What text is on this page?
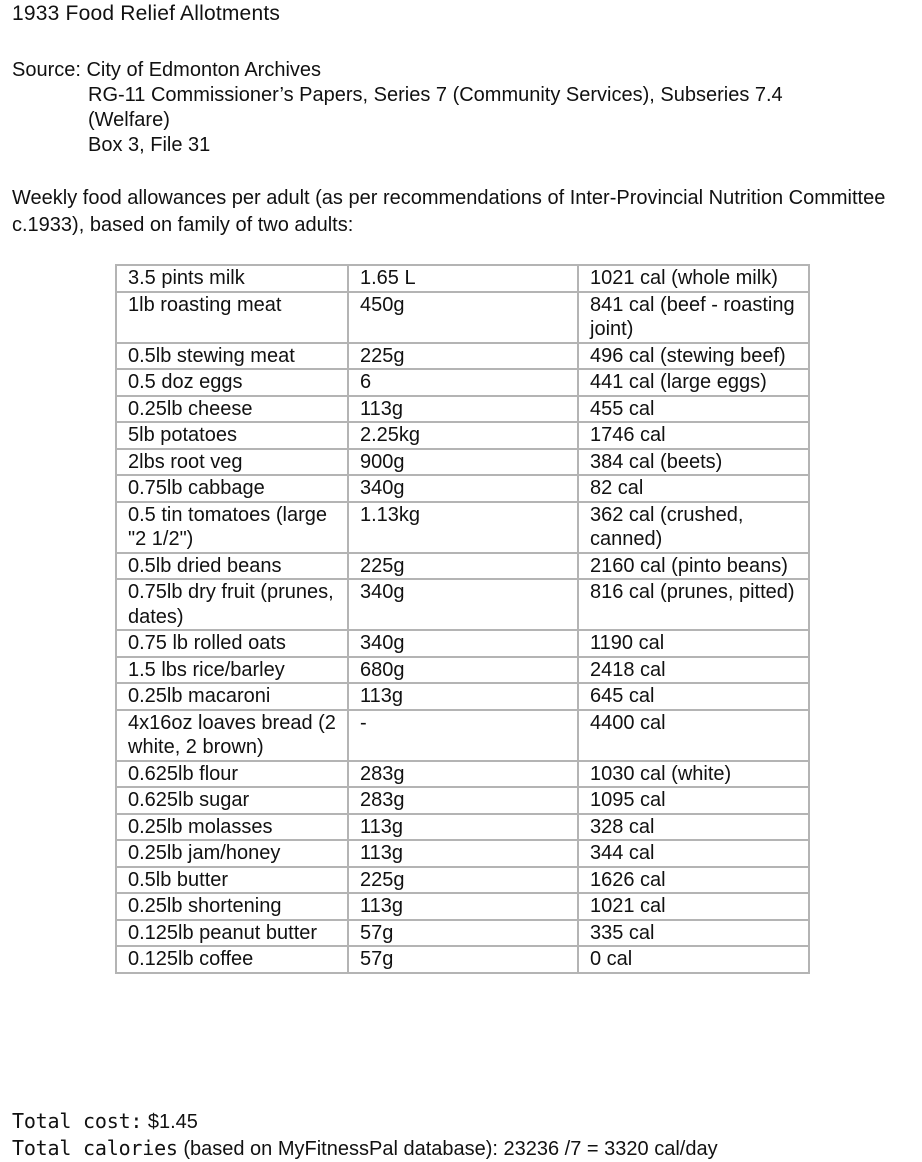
1933 Food Relief Allotments
Source: City of Edmonton Archives
RG-11 Commissioner’s Papers, Series 7 (Community Services), Subseries 7.4 (Welfare)
Box 3, File 31
Weekly food allowances per adult (as per recommendations of Inter-Provincial Nutrition Committee c.1933), based on family of two adults:
3.5 pints milk	1.65 L	1021 cal (whole milk)
1lb roasting meat	450g	841 cal (beef - roasting joint)
0.5lb stewing meat	225g	496 cal (stewing beef)
0.5 doz eggs	6	441 cal (large eggs)
0.25lb cheese	113g	455 cal
5lb potatoes	2.25kg	1746 cal
2lbs root veg	900g	384 cal (beets)
0.75lb cabbage	340g	82 cal
0.5 tin tomatoes (large "2 1/2")	1.13kg	362 cal (crushed, canned)
0.5lb dried beans	225g	2160 cal (pinto beans)
0.75lb dry fruit (prunes, dates)	340g	816 cal (prunes, pitted)
0.75 lb rolled oats	340g	1190 cal
1.5 lbs rice/barley	680g	2418 cal
0.25lb macaroni	113g	645 cal
4x16oz loaves bread (2 white, 2 brown)	-	4400 cal
0.625lb flour	283g	1030 cal (white)
0.625lb sugar	283g	1095 cal
0.25lb molasses	113g	328 cal
0.25lb jam/honey	113g	344 cal
0.5lb butter	225g	1626 cal
0.25lb shortening	113g	1021 cal
0.125lb peanut butter	57g	335 cal
0.125lb coffee	57g	0 cal
Total cost: $1.45
Total calories (based on MyFitnessPal database): 23236 /7 = 3320 cal/day
